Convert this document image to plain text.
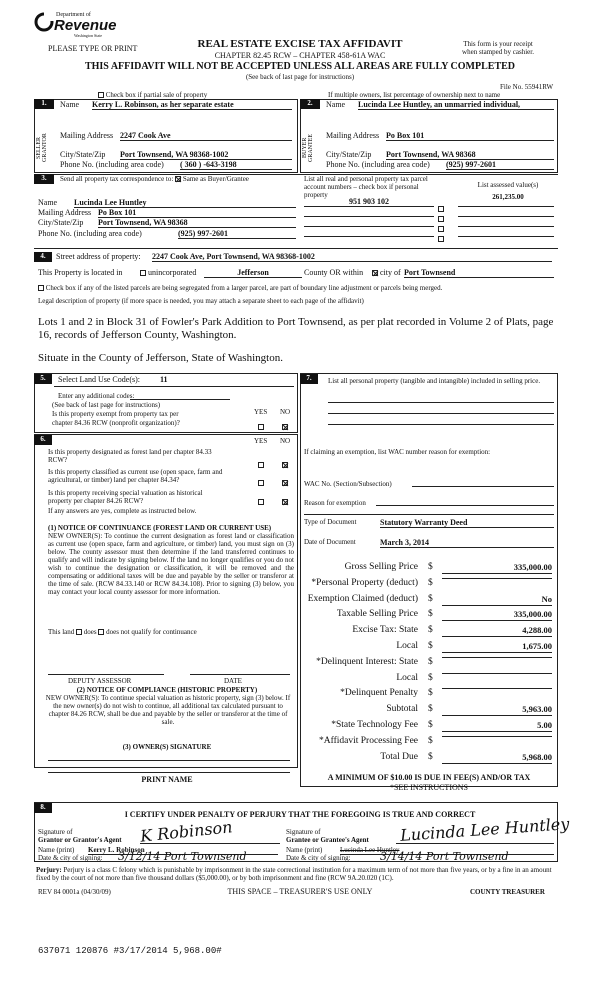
Department of
Revenue
Washington State
PLEASE TYPE OR PRINT	REAL ESTATE EXCISE TAX AFFIDAVIT
CHAPTER 82.45 RCW – CHAPTER 458-61A WAC
This form is your receipt
when stamped by cashier.
THIS AFFIDAVIT WILL NOT BE ACCEPTED UNLESS ALL AREAS ARE FULLY COMPLETED
(See back of last page for instructions)
File No. 55941RW
Check box if partial sale of property	If multiple owners, list percentage of ownership next to name
1.	2.
SELLER GRANTOR	BUYER GRANTEE
Name Kerry L. Robinson, as her separate estate
Mailing Address 2247 Cook Ave
City/State/Zip Port Townsend, WA 98368-1002
Phone No. (including area code) ( 360 ) -643-3198
Name Lucinda Lee Huntley, an unmarried individual,
Mailing Address Po Box 101
City/State/Zip Port Townsend, WA 98368
Phone No. (including area code) (925) 997-2601
3.	Send all property tax correspondence to: Same as Buyer/Grantee	List all real and personal property tax parcel account numbers – check box if personal property
List assessed value(s)
Name Lucinda Lee Huntley
Mailing Address Po Box 101
City/State/Zip Port Townsend, WA 98368
Phone No. (including area code)	(925) 997-2601
951 903 102	261,235.00
4.	Street address of property: 2247 Cook Ave, Port Townsend, WA 98368-1002
This Property is located in	unincorporated	Jefferson	County OR within	city of Port Townsend
Check box if any of the listed parcels are being segregated from a larger parcel, are part of boundary line adjustment or parcels being merged.
Legal description of property (if more space is needed, you may attach a separate sheet to each page of the affidavit)
Lots 1 and 2 in Block 31 of Fowler's Park Addition to Port Townsend, as per plat recorded in Volume 2 of Plats, page 16, records of Jefferson County, Washington.
Situate in the County of Jefferson, State of Washington.
5.	Select Land Use Code(s):	11
Enter any additional codes:
(See back of last page for instructions)
YES NO
Is this property exempt from property tax per
chapter 84.36 RCW (nonprofit organization)?
6.	YES NO
Is this property designated as forest land per chapter 84.33
RCW?
Is this property classified as current use (open space, farm and
agricultural, or timber) land per chapter 84.34?
Is this property receiving special valuation as historical
property per chapter 84.26 RCW?
If any answers are yes, complete as instructed below.
(1) NOTICE OF CONTINUANCE (FOREST LAND OR CURRENT USE)
NEW OWNER(S): To continue the current designation as forest land or classification as current use (open space, farm and agriculture, or timber) land, you must sign on (3) below. The county assessor must then determine if the land transferred continues to qualify and will indicate by signing below. If the land no longer qualifies or you do not wish to continue the designation or classification, it will be removed and the compensating or additional taxes will be due and payable by the seller or transferor at the time of sale. (RCW 84.33.140 or RCW 84.34.108). Prior to signing (3) below, you may contact your local county assessor for more information.
This land does does not qualify for continuance
DEPUTY ASSESSOR	DATE
(2) NOTICE OF COMPLIANCE (HISTORIC PROPERTY)
NEW OWNER(S): To continue special valuation as historic property, sign (3) below. If the new owner(s) do not wish to continue, all additional tax calculated pursuant to chapter 84.26 RCW, shall be due and payable by the seller or transferor at the time of sale.
(3) OWNER(S) SIGNATURE
PRINT NAME
7.	List all personal property (tangible and intangible) included in selling price.
If claiming an exemption, list WAC number reason for exemption:
WAC No. (Section/Subsection)
Reason for exemption
Type of Document	Statutory Warranty Deed
Date of Document	March 3, 2014
Gross Selling Price $	335,000.00
*Personal Property (deduct) $
Exemption Claimed (deduct) $	No
Taxable Selling Price $	335,000.00
Excise Tax: State $	4,288.00
Local $	1,675.00
*Delinquent Interest: State $
Local $
*Delinquent Penalty $
Subtotal $	5,963.00
*State Technology Fee $	5.00
*Affidavit Processing Fee $
Total Due $	5,968.00
A MINIMUM OF $10.00 IS DUE IN FEE(S) AND/OR TAX
*SEE INSTRUCTIONS
8.
I CERTIFY UNDER PENALTY OF PERJURY THAT THE FOREGOING IS TRUE AND CORRECT
Signature of
Grantor or Grantor's Agent K Robinson
Name (print) Kerry L. Robinson
Date & city of signing: 3/12/14 Port Townsend
Signature of
Grantee or Grantee's Agent Lucinda Lee Huntley
Name (print)	Lucinda Lee Huntley
Date & city of signing:	3/14/14 Port Townsend
Perjury: Perjury is a class C felony which is punishable by imprisonment in the state correctional institution for a maximum term of not more than five years, or by a fine in an amount fixed by the court of not more than five thousand dollars ($5,000.00), or by both imprisonment and fine (RCW 9A.20.020 (1C).
REV 84 0001a (04/30/09)	THIS SPACE – TREASURER'S USE ONLY	COUNTY TREASURER
637071 120876 #3/17/2014 5,968.00#
